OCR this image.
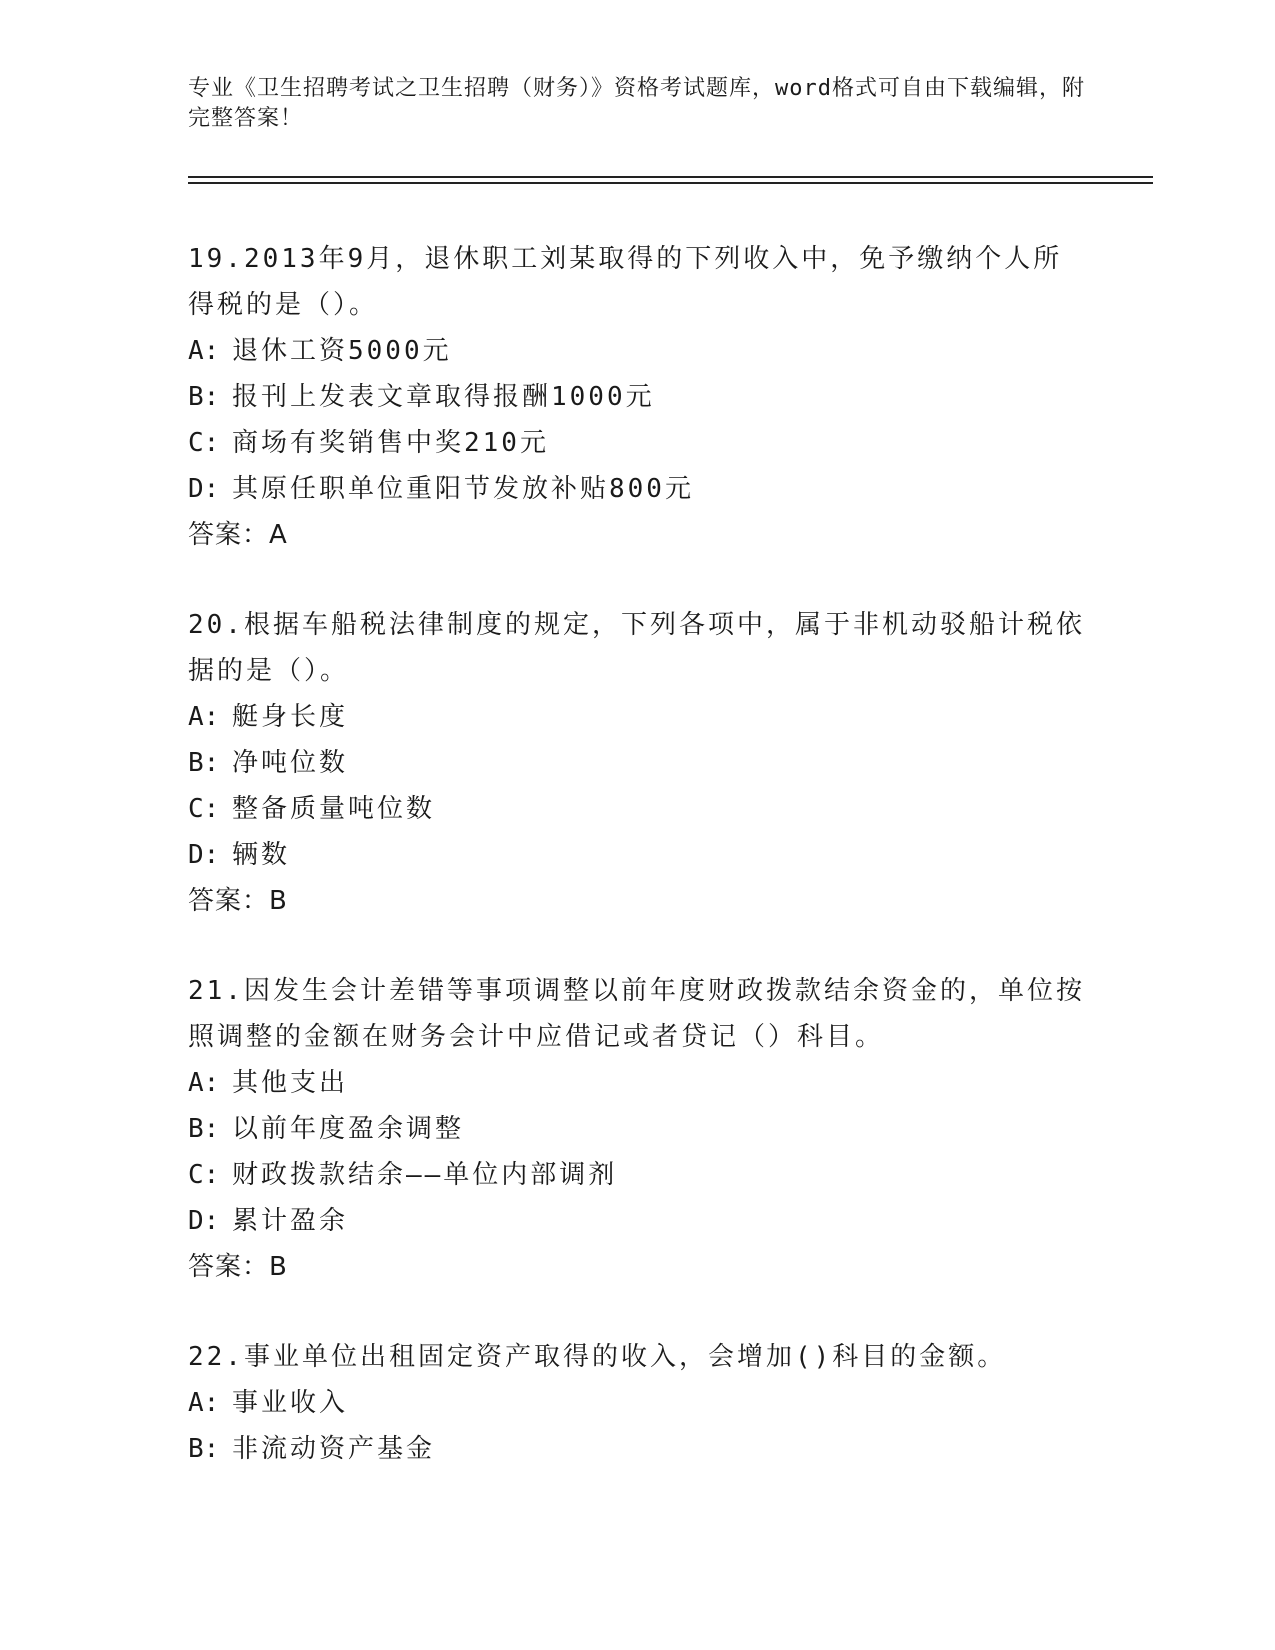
专业《卫生招聘考试之卫生招聘（财务）》资格考试题库，word格式可自由下载编辑，附完整答案！

19.2013年9月，退休职工刘某取得的下列收入中，免予缴纳个人所得税的是（）。

A: 退休工资5000元
B: 报刊上发表文章取得报酬1000元
C: 商场有奖销售中奖210元
D: 其原任职单位重阳节发放补贴800元
答案：A

20.根据车船税法律制度的规定，下列各项中，属于非机动驳船计税依据的是（）。

A: 艇身长度
B: 净吨位数
C: 整备质量吨位数
D: 辆数
答案：B

21.因发生会计差错等事项调整以前年度财政拨款结余资金的，单位按照调整的金额在财务会计中应借记或者贷记（）科目。

A: 其他支出
B: 以前年度盈余调整
C: 财政拨款结余——单位内部调剂
D: 累计盈余
答案：B

22.事业单位出租固定资产取得的收入，会增加()科目的金额。

A: 事业收入
B: 非流动资产基金
